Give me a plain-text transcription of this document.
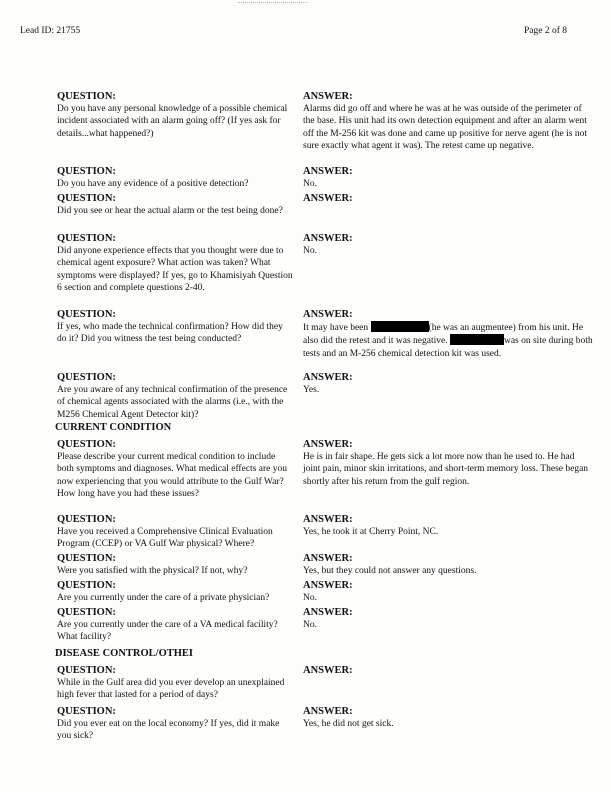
Lead ID: 21755	Page 2 of 8
QUESTION:
Do you have any personal knowledge of a possible chemical incident associated with an alarm going off? (If yes ask for details...what happened?)
ANSWER:
Alarms did go off and where he was at he was outside of the perimeter of the base. His unit had its own detection equipment and after an alarm went off the M-256 kit was done and came up positive for nerve agent (he is not sure exactly what agent it was). The retest came up negative.
QUESTION:
Do you have any evidence of a positive detection?
ANSWER:
No.
QUESTION:
Did you see or hear the actual alarm or the test being done?
ANSWER:
QUESTION:
Did anyone experience effects that you thought were due to chemical agent exposure? What action was taken? What symptoms were displayed? If yes, go to Khamisiyah Question 6 section and complete questions 2-40.
ANSWER:
No.
QUESTION:
If yes, who made the technical confirmation? How did they do it? Did you witness the test being conducted?
ANSWER:
It may have been	(he was an augmentee) from his unit. He also did the retest and it was negative.	was on site during both tests and an M-256 chemical detection kit was used.
QUESTION:
Are you aware of any technical confirmation of the presence of chemical agents associated with the alarms (i.e., with the M256 Chemical Agent Detector kit)?
ANSWER:
Yes.
CURRENT CONDITION
QUESTION:
Please describe your current medical condition to include both symptoms and diagnoses. What medical effects are you now experiencing that you would attribute to the Gulf War? How long have you had these issues?
ANSWER:
He is in fair shape. He gets sick a lot more now than he used to. He had joint pain, minor skin irritations, and short-term memory loss. These began shortly after his return from the gulf region.
QUESTION:
Have you received a Comprehensive Clinical Evaluation Program (CCEP) or VA Gulf War physical? Where?
ANSWER:
Yes, he took it at Cherry Point, NC.
QUESTION:
Were you satisfied with the physical? If not, why?
ANSWER:
Yes, but they could not answer any questions.
QUESTION:
Are you currently under the care of a private physician?
ANSWER:
No.
QUESTION:
Are you currently under the care of a VA medical facility? What facility?
ANSWER:
No.
DISEASE CONTROL/OTHEI
QUESTION:
While in the Gulf area did you ever develop an unexplained high fever that lasted for a period of days?
ANSWER:
QUESTION:
Did you ever eat on the local economy? If yes, did it make you sick?
ANSWER:
Yes, he did not get sick.
